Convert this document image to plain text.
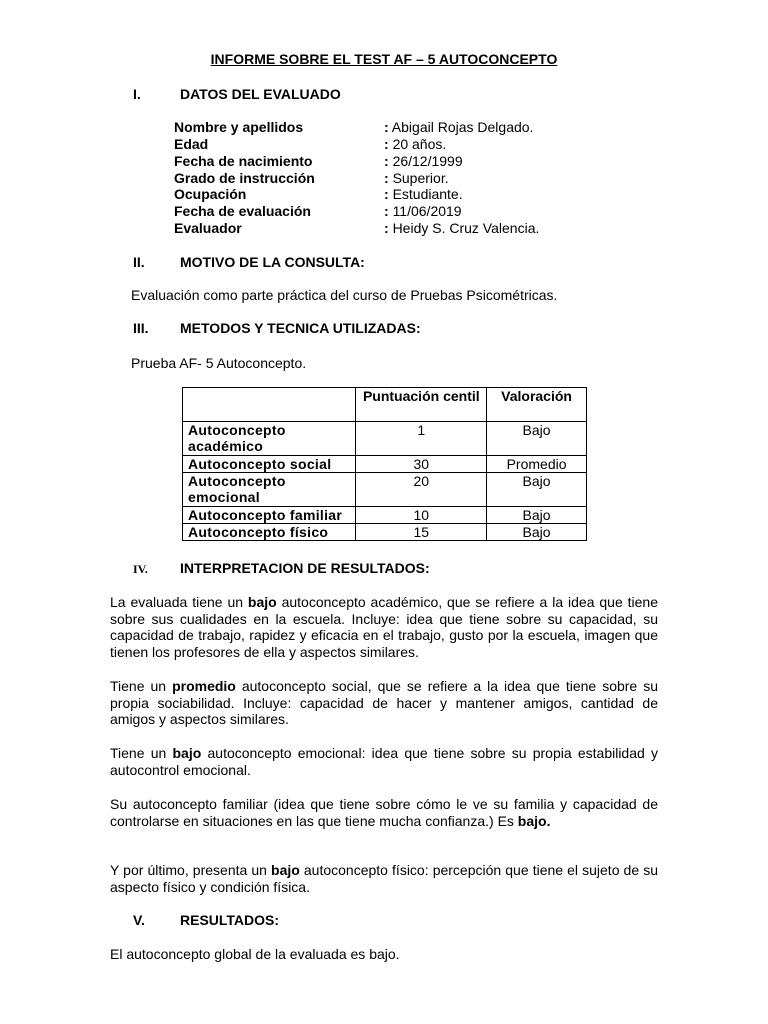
INFORME SOBRE EL TEST AF – 5 AUTOCONCEPTO
I.	DATOS DEL EVALUADO
Nombre y apellidos	: Abigail Rojas Delgado.
Edad	: 20 años.
Fecha de nacimiento	: 26/12/1999
Grado de instrucción	: Superior.
Ocupación	: Estudiante.
Fecha de evaluación	: 11/06/2019
Evaluador	: Heidy S. Cruz Valencia.
II.	MOTIVO DE LA CONSULTA:
Evaluación como parte práctica del curso de Pruebas Psicométricas.
III. METODOS Y TECNICA UTILIZADAS:
Prueba AF- 5 Autoconcepto.
	Puntuación centil	Valoración
Autoconcepto académico	1	Bajo
Autoconcepto social	30	Promedio
Autoconcepto emocional	20	Bajo
Autoconcepto familiar	10	Bajo
Autoconcepto físico	15	Bajo
IV. INTERPRETACION DE RESULTADOS:
La evaluada tiene un bajo autoconcepto académico, que se refiere a la idea que tiene sobre sus cualidades en la escuela. Incluye: idea que tiene sobre su capacidad, su capacidad de trabajo, rapidez y eficacia en el trabajo, gusto por la escuela, imagen que tienen los profesores de ella y aspectos similares.
Tiene un promedio autoconcepto social, que se refiere a la idea que tiene sobre su propia sociabilidad. Incluye: capacidad de hacer y mantener amigos, cantidad de amigos y aspectos similares.
Tiene un bajo autoconcepto emocional: idea que tiene sobre su propia estabilidad y autocontrol emocional.
Su autoconcepto familiar (idea que tiene sobre cómo le ve su familia y capacidad de controlarse en situaciones en las que tiene mucha confianza.) Es bajo.
Y por último, presenta un bajo autoconcepto físico: percepción que tiene el sujeto de su aspecto físico y condición física.
V.	RESULTADOS:
El autoconcepto global de la evaluada es bajo.
